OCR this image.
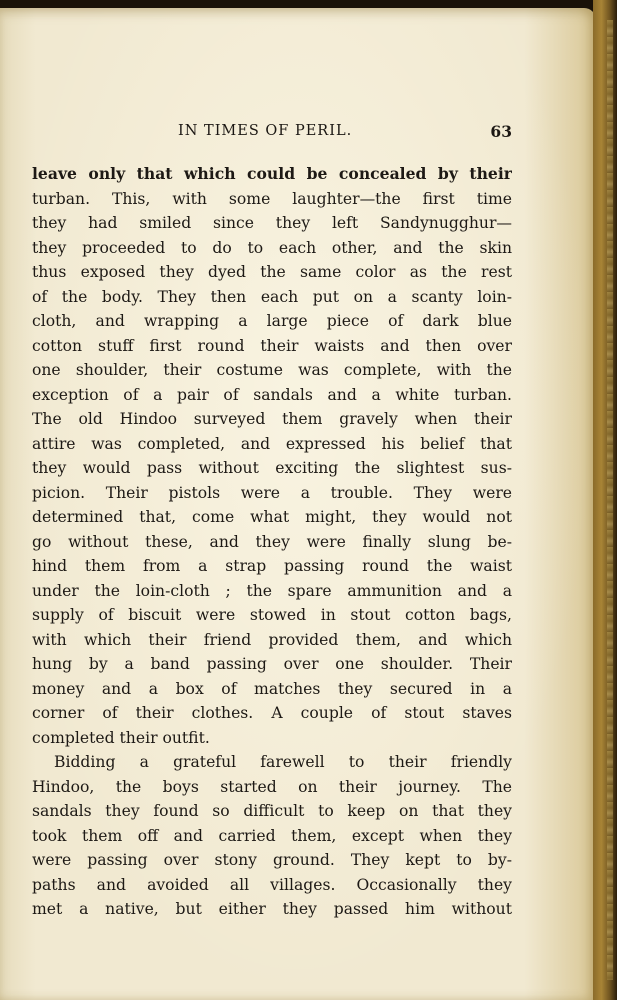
IN TIMES OF PERIL.	63
leave only that which could be concealed by their
turban. This, with some laughter—the first time
they had smiled since they left Sandynugghur—
they proceeded to do to each other, and the skin
thus exposed they dyed the same color as the rest
of the body. They then each put on a scanty loin-
cloth, and wrapping a large piece of dark blue
cotton stuff first round their waists and then over
one shoulder, their costume was complete, with the
exception of a pair of sandals and a white turban.
The old Hindoo surveyed them gravely when their
attire was completed, and expressed his belief that
they would pass without exciting the slightest sus-
picion. Their pistols were a trouble. They were
determined that, come what might, they would not
go without these, and they were finally slung be-
hind them from a strap passing round the waist
under the loin-cloth ; the spare ammunition and a
supply of biscuit were stowed in stout cotton bags,
with which their friend provided them, and which
hung by a band passing over one shoulder. Their
money and a box of matches they secured in a
corner of their clothes. A couple of stout staves
completed their outfit.
Bidding a grateful farewell to their friendly
Hindoo, the boys started on their journey. The
sandals they found so difficult to keep on that they
took them off and carried them, except when they
were passing over stony ground. They kept to by-
paths and avoided all villages. Occasionally they
met a native, but either they passed him without
